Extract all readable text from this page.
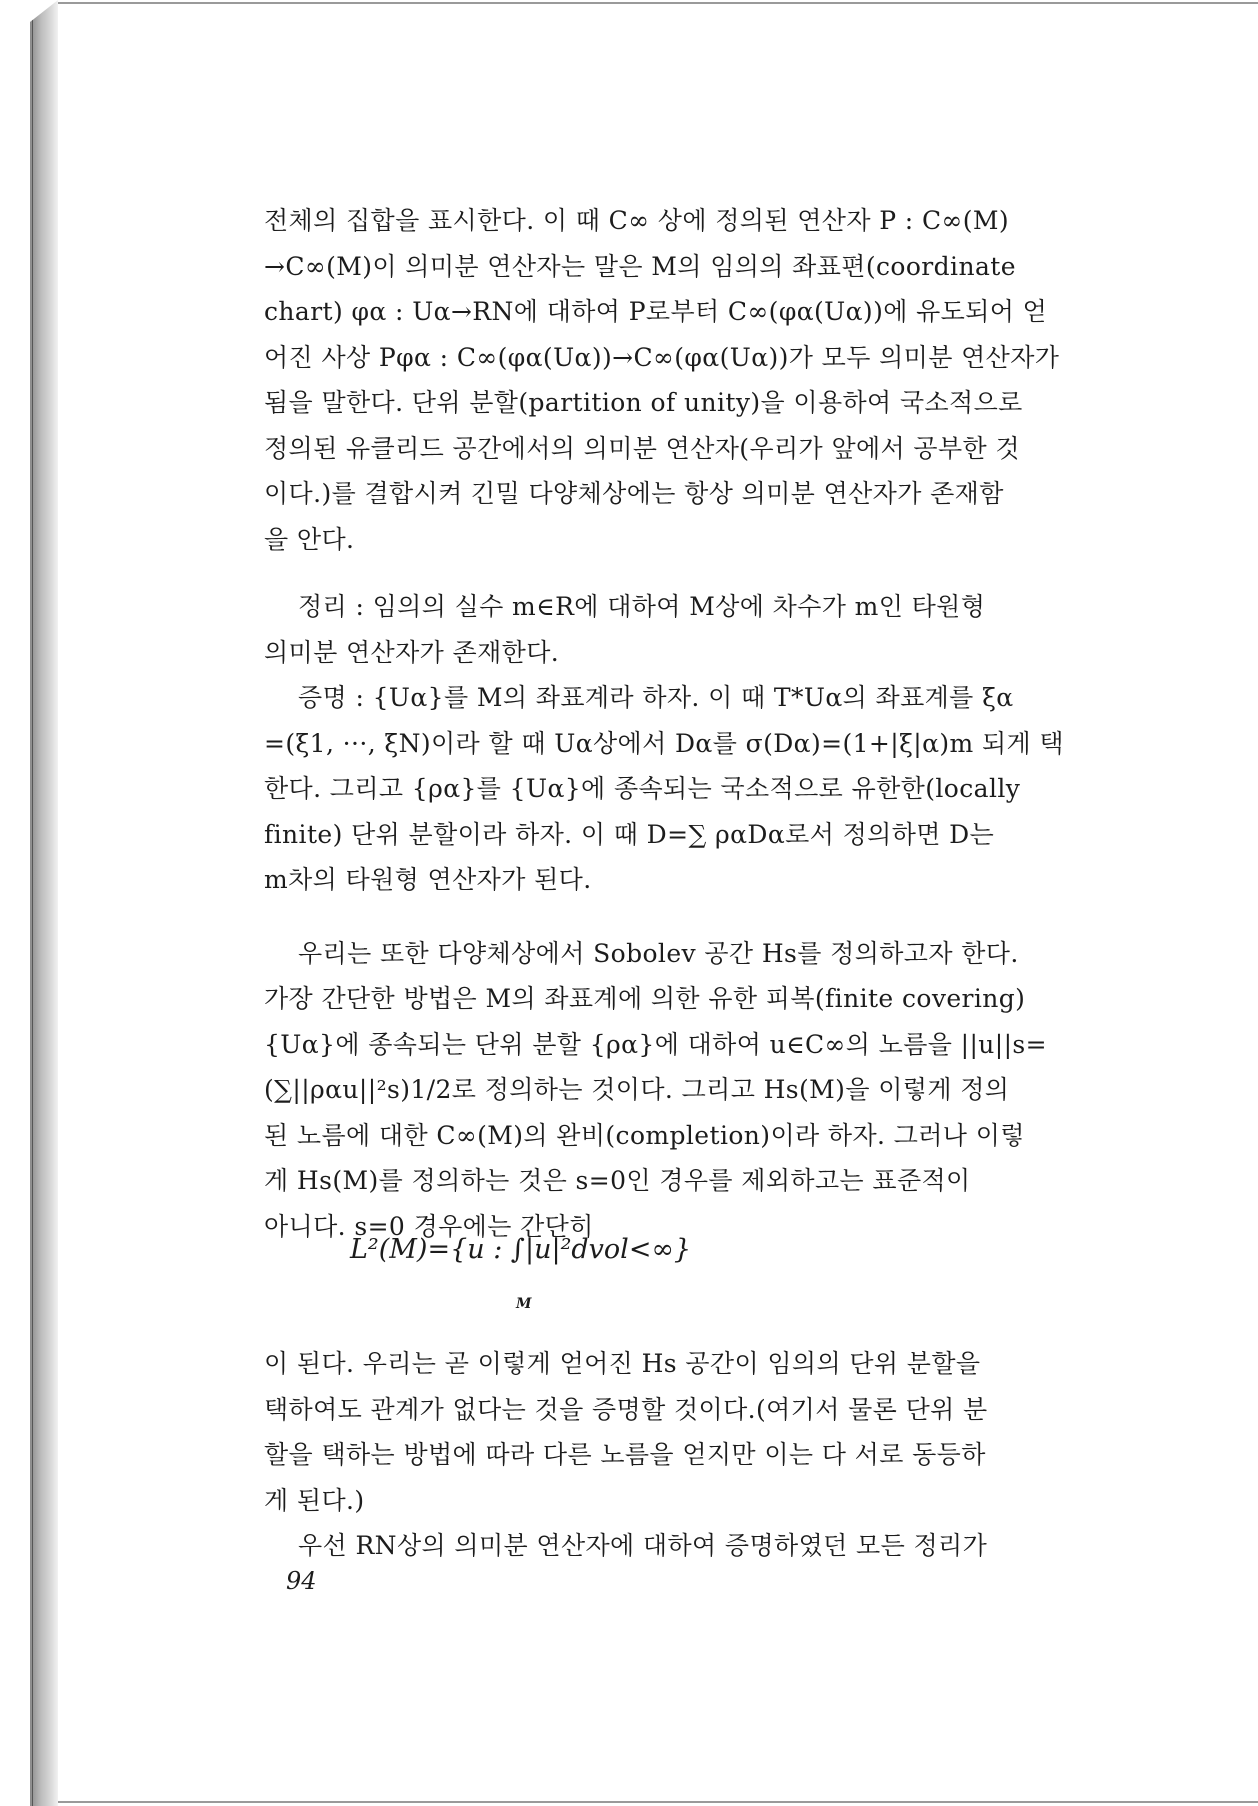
전체의 집합을 표시한다. 이 때 C∞ 상에 정의된 연산자 P : C∞(M)
→C∞(M)이 의미분 연산자는 말은 M의 임의의 좌표편(coordinate
chart) φα : Uα→RN에 대하여 P로부터 C∞(φα(Uα))에 유도되어 얻
어진 사상 Pφα : C∞(φα(Uα))→C∞(φα(Uα))가 모두 의미분 연산자가
됨을 말한다. 단위 분할(partition of unity)을 이용하여 국소적으로
정의된 유클리드 공간에서의 의미분 연산자(우리가 앞에서 공부한 것
이다.)를 결합시켜 긴밀 다양체상에는 항상 의미분 연산자가 존재함
을 안다.
정리 : 임의의 실수 m∈R에 대하여 M상에 차수가 m인 타원형
의미분 연산자가 존재한다.
증명 : {Uα}를 M의 좌표계라 하자. 이 때 T*Uα의 좌표계를 ξα
=(ξ1, ···, ξN)이라 할 때 Uα상에서 Dα를 σ(Dα)=(1+|ξ|α)m 되게 택
한다. 그리고 {ρα}를 {Uα}에 종속되는 국소적으로 유한한(locally
finite) 단위 분할이라 하자. 이 때 D=∑ ραDα로서 정의하면 D는
m차의 타원형 연산자가 된다.
우리는 또한 다양체상에서 Sobolev 공간 Hs를 정의하고자 한다.
가장 간단한 방법은 M의 좌표계에 의한 유한 피복(finite covering)
{Uα}에 종속되는 단위 분할 {ρα}에 대하여 u∈C∞의 노름을 ||u||s=
(∑||ραu||²s)1/2로 정의하는 것이다. 그리고 Hs(M)을 이렇게 정의
된 노름에 대한 C∞(M)의 완비(completion)이라 하자. 그러나 이렇
게 Hs(M)를 정의하는 것은 s=0인 경우를 제외하고는 표준적이
아니다. s=0 경우에는 간단히
L²(M)={u : ∫|u|²dvol<∞}
M
이 된다. 우리는 곧 이렇게 얻어진 Hs 공간이 임의의 단위 분할을
택하여도 관계가 없다는 것을 증명할 것이다.(여기서 물론 단위 분
할을 택하는 방법에 따라 다른 노름을 얻지만 이는 다 서로 동등하
게 된다.)
우선 RN상의 의미분 연산자에 대하여 증명하였던 모든 정리가
94
